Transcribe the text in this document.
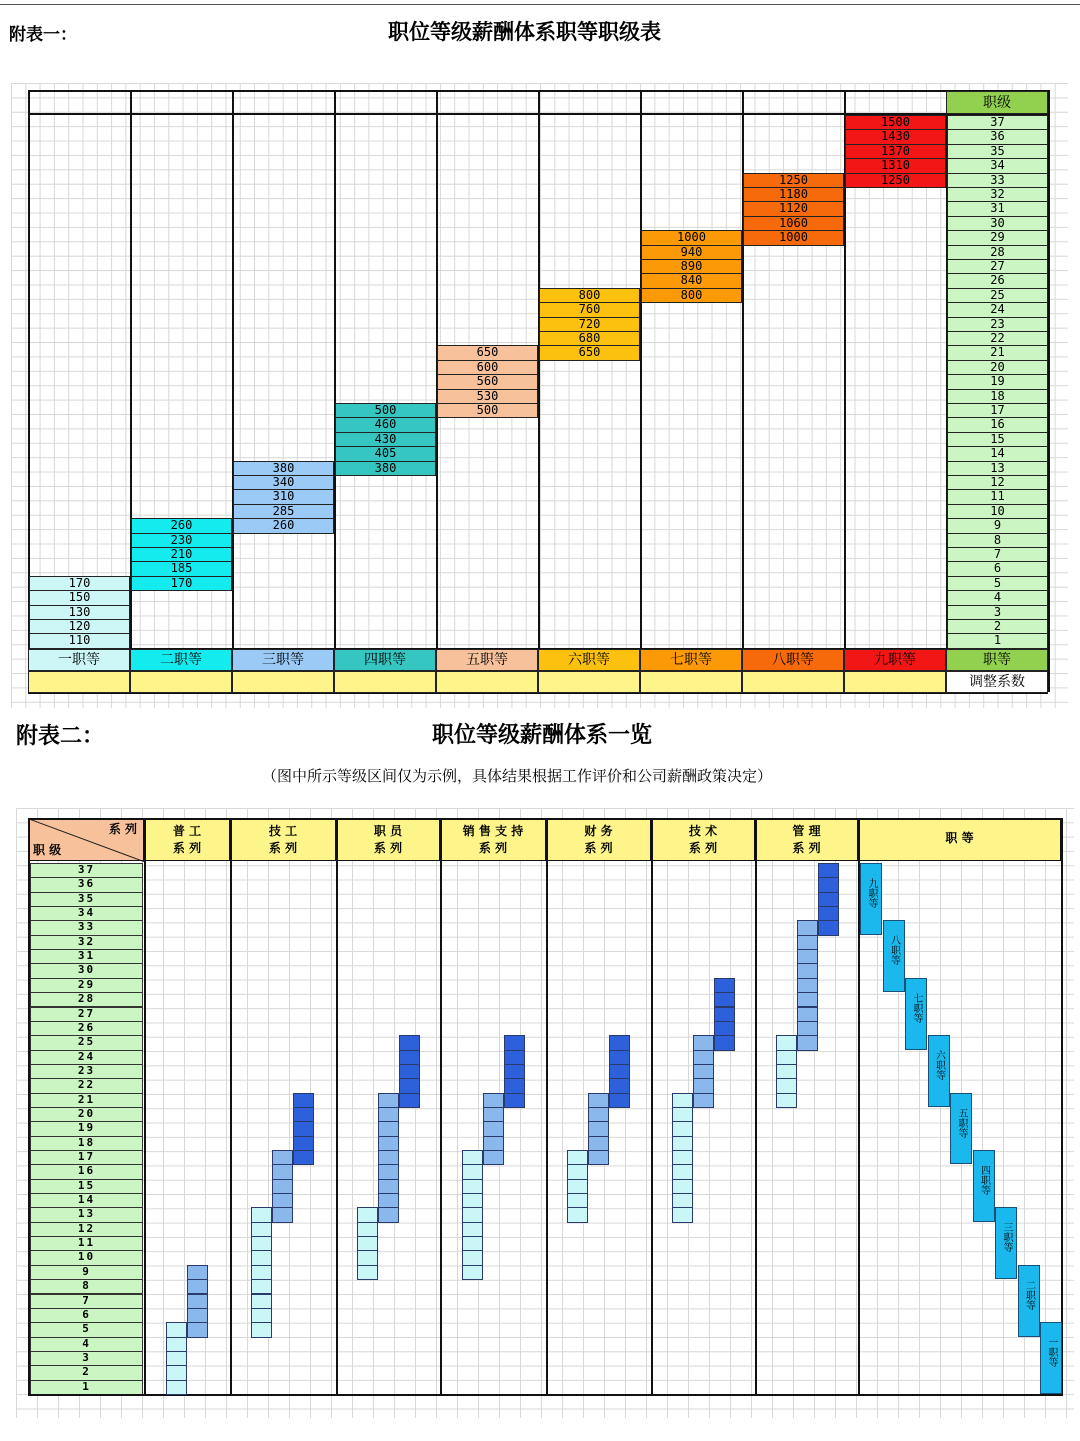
附表一：	职位等级薪酬体系职等职级表
职级
37
36
35
34
33
32
31
30
29
28
27
26
25
24
23
22
21
20
19
18
17
16
15
14
13
12
11
10
9
8
7
6
5
4
3
2
1
职等
调整系数
170
150
130
120
110
一职等
260
230
210
185
170
二职等
380
340
310
285
260
三职等
500
460
430
405
380
四职等
650
600
560
530
500
五职等
800
760
720
680
650
六职等
1000
940
890
840
800
七职等
1250
1180
1120
1060
1000
八职等
1500
1430
1370
1310
1250
九职等
附表二：	职位等级薪酬体系一览
（图中所示等级区间仅为示例，具体结果根据工作评价和公司薪酬政策决定）
系 列
职 级
普 工
系 列
技 工
系 列
职 员
系 列
销 售 支 持
系 列
财 务
系 列
技 术
系 列
管 理
系 列
职 等
37
36
35
34
33
32
31
30
29
28
27
26
25
24
23
22
21
20
19
18
17
16
15
14
13
12
11
10
9
8
7
6
5
4
3
2
1
九职等
八职等
七职等
六职等
五职等
四职等
三职等
二职等
一职等
